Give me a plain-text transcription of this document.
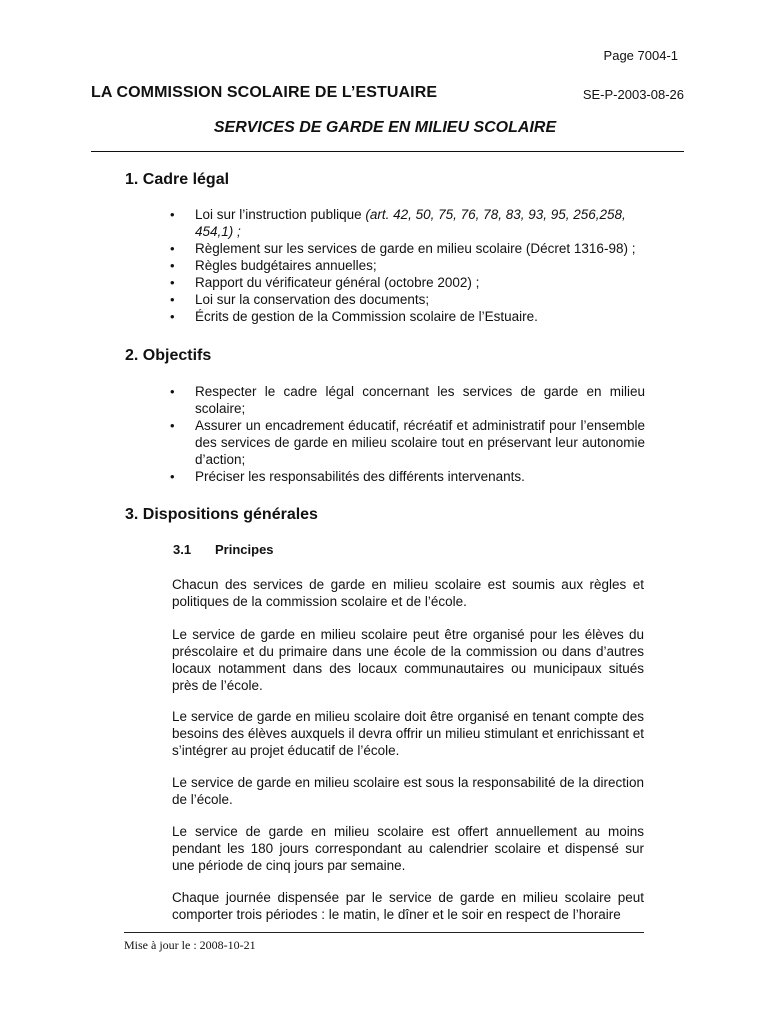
Page 7004-1
LA COMMISSION SCOLAIRE DE L’ESTUAIRE	SE-P-2003-08-26
SERVICES DE GARDE EN MILIEU SCOLAIRE
1. Cadre légal
• Loi sur l’instruction publique (art. 42, 50, 75, 76, 78, 83, 93, 95, 256,258, 454,1) ;
• Règlement sur les services de garde en milieu scolaire (Décret 1316-98) ;
• Règles budgétaires annuelles;
• Rapport du vérificateur général (octobre 2002) ;
• Loi sur la conservation des documents;
• Écrits de gestion de la Commission scolaire de l’Estuaire.
2. Objectifs
• Respecter le cadre légal concernant les services de garde en milieu scolaire;
• Assurer un encadrement éducatif, récréatif et administratif pour l’ensemble des services de garde en milieu scolaire tout en préservant leur autonomie d’action;
• Préciser les responsabilités des différents intervenants.
3. Dispositions générales
3.1 Principes

Chacun des services de garde en milieu scolaire est soumis aux règles et politiques de la commission scolaire et de l’école.

Le service de garde en milieu scolaire peut être organisé pour les élèves du préscolaire et du primaire dans une école de la commission ou dans d’autres locaux notamment dans des locaux communautaires ou municipaux situés près de l’école.

Le service de garde en milieu scolaire doit être organisé en tenant compte des besoins des élèves auxquels il devra offrir un milieu stimulant et enrichissant et s’intégrer au projet éducatif de l’école.

Le service de garde en milieu scolaire est sous la responsabilité de la direction de l’école.

Le service de garde en milieu scolaire est offert annuellement au moins pendant les 180 jours correspondant au calendrier scolaire et dispensé sur une période de cinq jours par semaine.

Chaque journée dispensée par le service de garde en milieu scolaire peut comporter trois périodes : le matin, le dîner et le soir en respect de l’horaire

Mise à jour le : 2008-10-21
